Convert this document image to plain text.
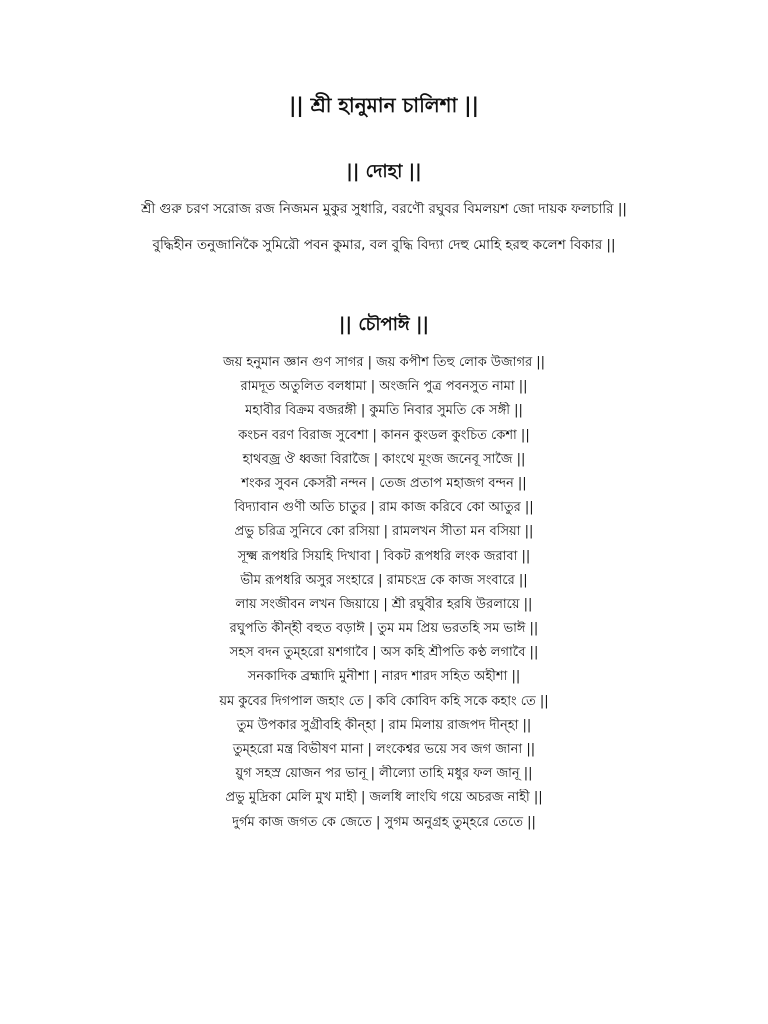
|| শ্রী হানুমান চালিশা ||
|| দোহা ||
শ্রী গুরু চরণ সরোজ রজ নিজমন মুকুর সুধারি, বরণৌ রঘুবর বিমলয়শ জো দায়ক ফলচারি ||
বুদ্ধিহীন তনুজানিকৈ সুমিরৌ পবন কুমার, বল বুদ্ধি বিদ্যা দেহু মোহি হরহু কলেশ বিকার ||
|| চৌপাঈ ||
জয় হনুমান জ্ঞান গুণ সাগর | জয় কপীশ তিহু লোক উজাগর ||
রামদূত অতুলিত বলধামা | অংজনি পুত্র পবনসুত নামা ||
মহাবীর বিক্রম বজরঙ্গী | কুমতি নিবার সুমতি কে সঙ্গী ||
কংচন বরণ বিরাজ সুবেশা | কানন কুংডল কুংচিত কেশা ||
হাথবজ্র ঔ ধ্বজা বিরাজৈ | কাংথে মূংজ জনেবূ সাজৈ ||
শংকর সুবন কেসরী নন্দন | তেজ প্রতাপ মহাজগ বন্দন ||
বিদ্যাবান গুণী অতি চাতুর | রাম কাজ করিবে কো আতুর ||
প্রভু চরিত্র সুনিবে কো রসিয়া | রামলখন সীতা মন বসিয়া ||
সূক্ষ্ম রূপধরি সিয়হি দিখাবা | বিকট রূপধরি লংক জরাবা ||
ভীম রূপধরি অসুর সংহারে | রামচংদ্র কে কাজ সংবারে ||
লায় সংজীবন লখন জিয়ায়ে | শ্রী রঘুবীর হরষি উরলায়ে ||
রঘুপতি কীন্হী বহুত বড়াঈ | তুম মম প্রিয় ভরতহি সম ভাঈ ||
সহস বদন তুম্হরো য়শগাবৈ | অস কহি শ্রীপতি কণ্ঠ লগাবৈ ||
সনকাদিক ব্রহ্মাদি মুনীশা | নারদ শারদ সহিত অহীশা ||
য়ম কুবের দিগপাল জহাং তে | কবি কোবিদ কহি সকে কহাং তে ||
তুম উপকার সুগ্রীবহি কীন্হা | রাম মিলায় রাজপদ দীন্হা ||
তুম্হরো মন্ত্র বিভীষণ মানা | লংকেশ্বর ভয়ে সব জগ জানা ||
য়ুগ সহস্র য়োজন পর ভানূ | লীল্যো তাহি মধুর ফল জানূ ||
প্রভু মুদ্রিকা মেলি মুখ মাহী | জলধি লাংঘি গয়ে অচরজ নাহী ||
দুর্গম কাজ জগত কে জেতে | সুগম অনুগ্রহ তুম্হরে তেতে ||
